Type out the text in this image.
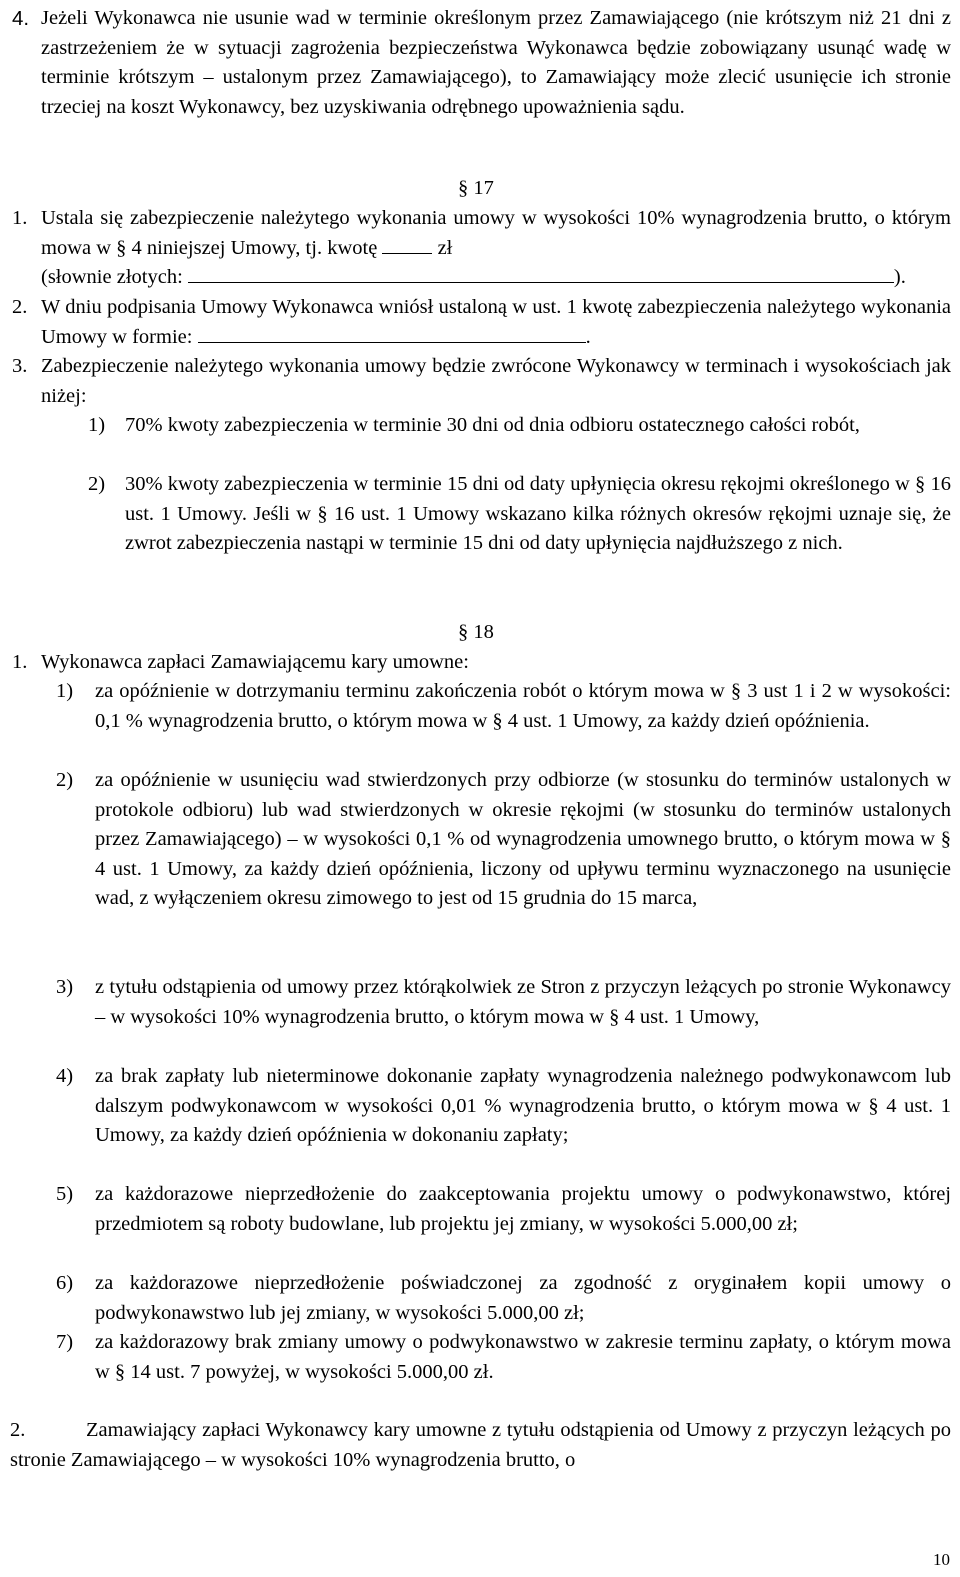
4. Jeżeli Wykonawca nie usunie wad w terminie określonym przez Zamawiającego (nie krótszym niż 21 dni z zastrzeżeniem że w sytuacji zagrożenia bezpieczeństwa Wykonawca będzie zobowiązany usunąć wadę w terminie krótszym – ustalonym przez Zamawiającego), to Zamawiający może zlecić usunięcie ich stronie trzeciej na koszt Wykonawcy, bez uzyskiwania odrębnego upoważnienia sądu.
§ 17
1. Ustala się zabezpieczenie należytego wykonania umowy w wysokości 10% wynagrodzenia brutto, o którym mowa w § 4 niniejszej Umowy, tj. kwotę	zł
(słownie złotych:	).
2. W dniu podpisania Umowy Wykonawca wniósł ustaloną w ust. 1 kwotę zabezpieczenia należytego wykonania Umowy w formie:	.
3. Zabezpieczenie należytego wykonania umowy będzie zwrócone Wykonawcy w terminach i wysokościach jak niżej:
1) 70% kwoty zabezpieczenia w terminie 30 dni od dnia odbioru ostatecznego całości robót,
2) 30% kwoty zabezpieczenia w terminie 15 dni od daty upłynięcia okresu rękojmi określonego w § 16 ust. 1 Umowy. Jeśli w § 16 ust. 1 Umowy wskazano kilka różnych okresów rękojmi uznaje się, że zwrot zabezpieczenia nastąpi w terminie 15 dni od daty upłynięcia najdłuższego z nich.
§ 18
1. Wykonawca zapłaci Zamawiającemu kary umowne:
1) za opóźnienie w dotrzymaniu terminu zakończenia robót o którym mowa w § 3 ust 1 i 2 w wysokości: 0,1 % wynagrodzenia brutto, o którym mowa w § 4 ust. 1 Umowy, za każdy dzień opóźnienia.
2) za opóźnienie w usunięciu wad stwierdzonych przy odbiorze (w stosunku do terminów ustalonych w protokole odbioru) lub wad stwierdzonych w okresie rękojmi (w stosunku do terminów ustalonych przez Zamawiającego) – w wysokości 0,1 % od wynagrodzenia umownego brutto, o którym mowa w § 4 ust. 1 Umowy, za każdy dzień opóźnienia, liczony od upływu terminu wyznaczonego na usunięcie wad, z wyłączeniem okresu zimowego to jest od 15 grudnia do 15 marca,
3) z tytułu odstąpienia od umowy przez którąkolwiek ze Stron z przyczyn leżących po stronie Wykonawcy – w wysokości 10% wynagrodzenia brutto, o którym mowa w § 4 ust. 1 Umowy,
4) za brak zapłaty lub nieterminowe dokonanie zapłaty wynagrodzenia należnego podwykonawcom lub dalszym podwykonawcom w wysokości 0,01 % wynagrodzenia brutto, o którym mowa w § 4 ust. 1 Umowy, za każdy dzień opóźnienia w dokonaniu zapłaty;
5) za każdorazowe nieprzedłożenie do zaakceptowania projektu umowy o podwykonawstwo, której przedmiotem są roboty budowlane, lub projektu jej zmiany, w wysokości 5.000,00 zł;
6) za każdorazowe nieprzedłożenie poświadczonej za zgodność z oryginałem kopii umowy o podwykonawstwo lub jej zmiany, w wysokości 5.000,00 zł;
7) za każdorazowy brak zmiany umowy o podwykonawstwo w zakresie terminu zapłaty, o którym mowa w § 14 ust. 7 powyżej, w wysokości 5.000,00 zł.
2.	Zamawiający zapłaci Wykonawcy kary umowne z tytułu odstąpienia od Umowy z przyczyn leżących po stronie Zamawiającego – w wysokości 10% wynagrodzenia brutto, o
10
